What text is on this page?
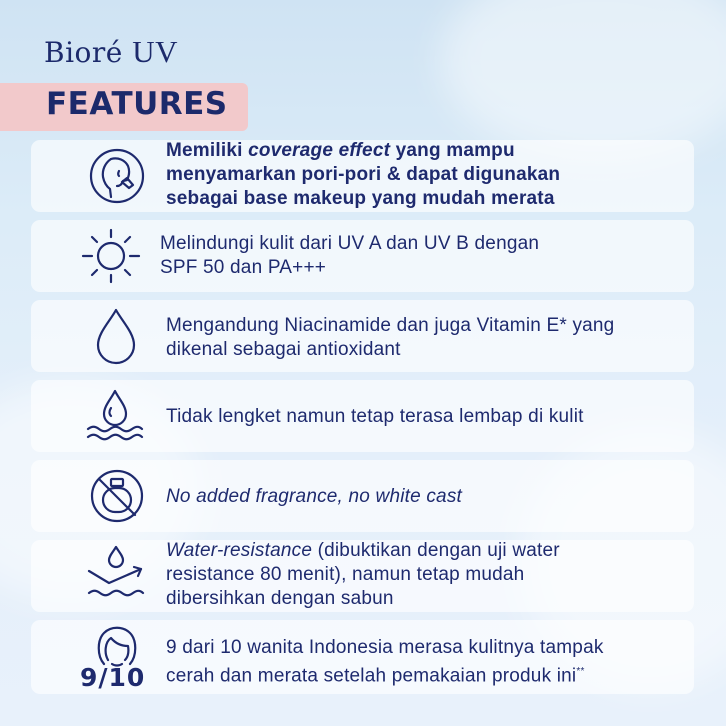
Bioré UV
FEATURES
Memiliki coverage effect yang mampu
menyamarkan pori-pori & dapat digunakan
sebagai base makeup yang mudah merata
Melindungi kulit dari UV A dan UV B dengan
SPF 50 dan PA+++
Mengandung Niacinamide dan juga Vitamin E* yang
dikenal sebagai antioxidant
Tidak lengket namun tetap terasa lembap di kulit
No added fragrance, no white cast
Water-resistance (dibuktikan dengan uji water
resistance 80 menit), namun tetap mudah
dibersihkan dengan sabun
9/10
9 dari 10 wanita Indonesia merasa kulitnya tampak
cerah dan merata setelah pemakaian produk ini**
